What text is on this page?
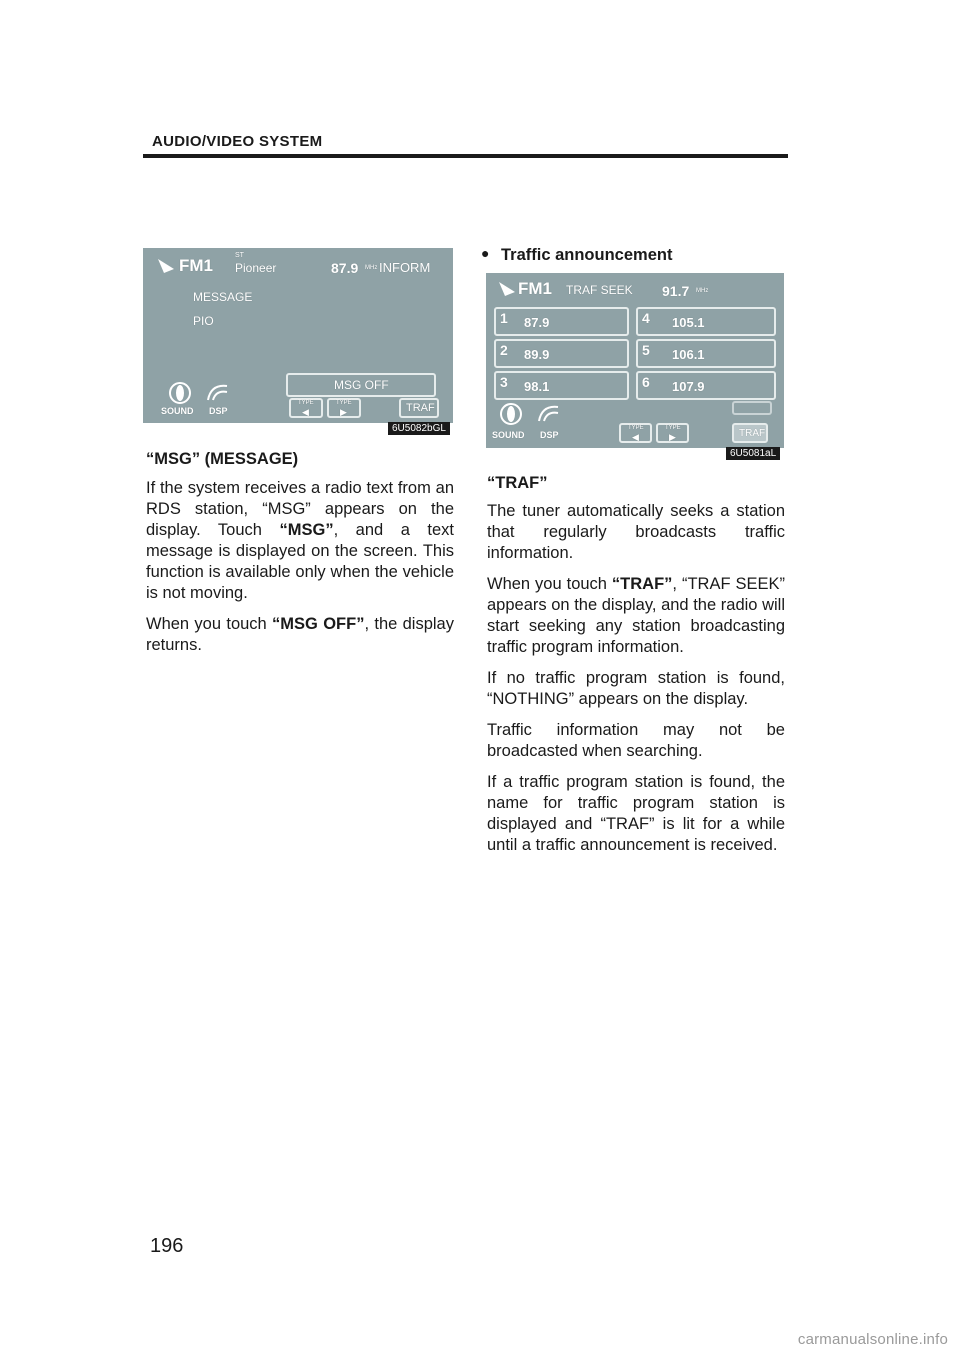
AUDIO/VIDEO SYSTEM
FM1
ST
Pioneer	87.9 MHz INFORM
MESSAGE
PIO
MSG OFF
TYPE
◀
TYPE
▶	TRAF
SOUND DSP
6U5082bGL
“MSG” (MESSAGE)

If the system receives a radio text from an RDS station, “MSG” appears on the display. Touch “MSG”, and a text message is displayed on the screen. This function is available only when the vehicle is not moving.

When you touch “MSG OFF”, the display returns.

● Traffic announcement
FM1 TRAF SEEK 91.7 MHz
1 87.9
2 89.9
3 98.1
4 105.1
5 106.1
6 107.9
SOUND DSP
TYPE
◀
TYPE
▶	TRAF
6U5081aL
“TRAF”

The tuner automatically seeks a station that regularly broadcasts traffic information.

When you touch “TRAF”, “TRAF SEEK” appears on the display, and the radio will start seeking any station broadcasting traffic program information.

If no traffic program station is found, “NOTHING” appears on the display.

Traffic information may not be broadcasted when searching.

If a traffic program station is found, the name for traffic program station is displayed and “TRAF” is lit for a while until a traffic announcement is received.

196
carmanualsonline.info
